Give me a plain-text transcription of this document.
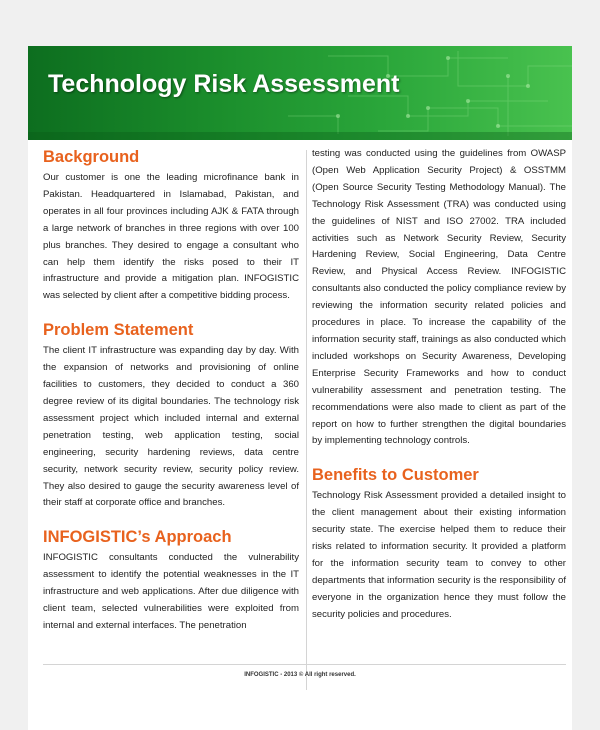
Technology Risk Assessment
Background

Our customer is one the leading microfinance bank in Pakistan. Headquartered in Islamabad, Pakistan, and operates in all four provinces including AJK & FATA through a large network of branches in three regions with over 100 plus branches. They desired to engage a consultant who can help them identify the risks posed to their IT infrastructure and provide a mitigation plan. INFOGISTIC was selected by client after a competitive bidding process.

Problem Statement

The client IT infrastructure was expanding day by day. With the expansion of networks and provisioning of online facilities to customers, they decided to conduct a 360 degree review of its digital boundaries. The technology risk assessment project which included internal and external penetration testing, web application testing, social engineering, security hardening reviews, data centre security, network security review, security policy review. They also desired to gauge the security awareness level of their staff at corporate office and branches.

INFOGISTIC’s Approach

INFOGISTIC consultants conducted the vulnerability assessment to identify the potential weaknesses in the IT infrastructure and web applications. After due diligence with client team, selected vulnerabilities were exploited from internal and external interfaces. The penetration

testing was conducted using the guidelines from OWASP (Open Web Application Security Project) & OSSTMM (Open Source Security Testing Methodology Manual). The Technology Risk Assessment (TRA) was conducted using the guidelines of NIST and ISO 27002. TRA included activities such as Network Security Review, Security Hardening Review, Social Engineering, Data Centre Review, and Physical Access Review. INFOGISTIC consultants also conducted the policy compliance review by reviewing the information security related policies and procedures in place. To increase the capability of the information security staff, trainings as also conducted which included workshops on Security Awareness, Developing Enterprise Security Frameworks and how to conduct vulnerability assessment and penetration testing. The recommendations were also made to client as part of the report on how to further strengthen the digital boundaries by implementing technology controls.

Benefits to Customer

Technology Risk Assessment provided a detailed insight to the client management about their existing information security state. The exercise helped them to reduce their risks related to information security. It provided a platform for the information security team to convey to other departments that information security is the responsibility of everyone in the organization hence they must follow the security policies and procedures.

INFOGISTIC - 2013 © All right reserved.
